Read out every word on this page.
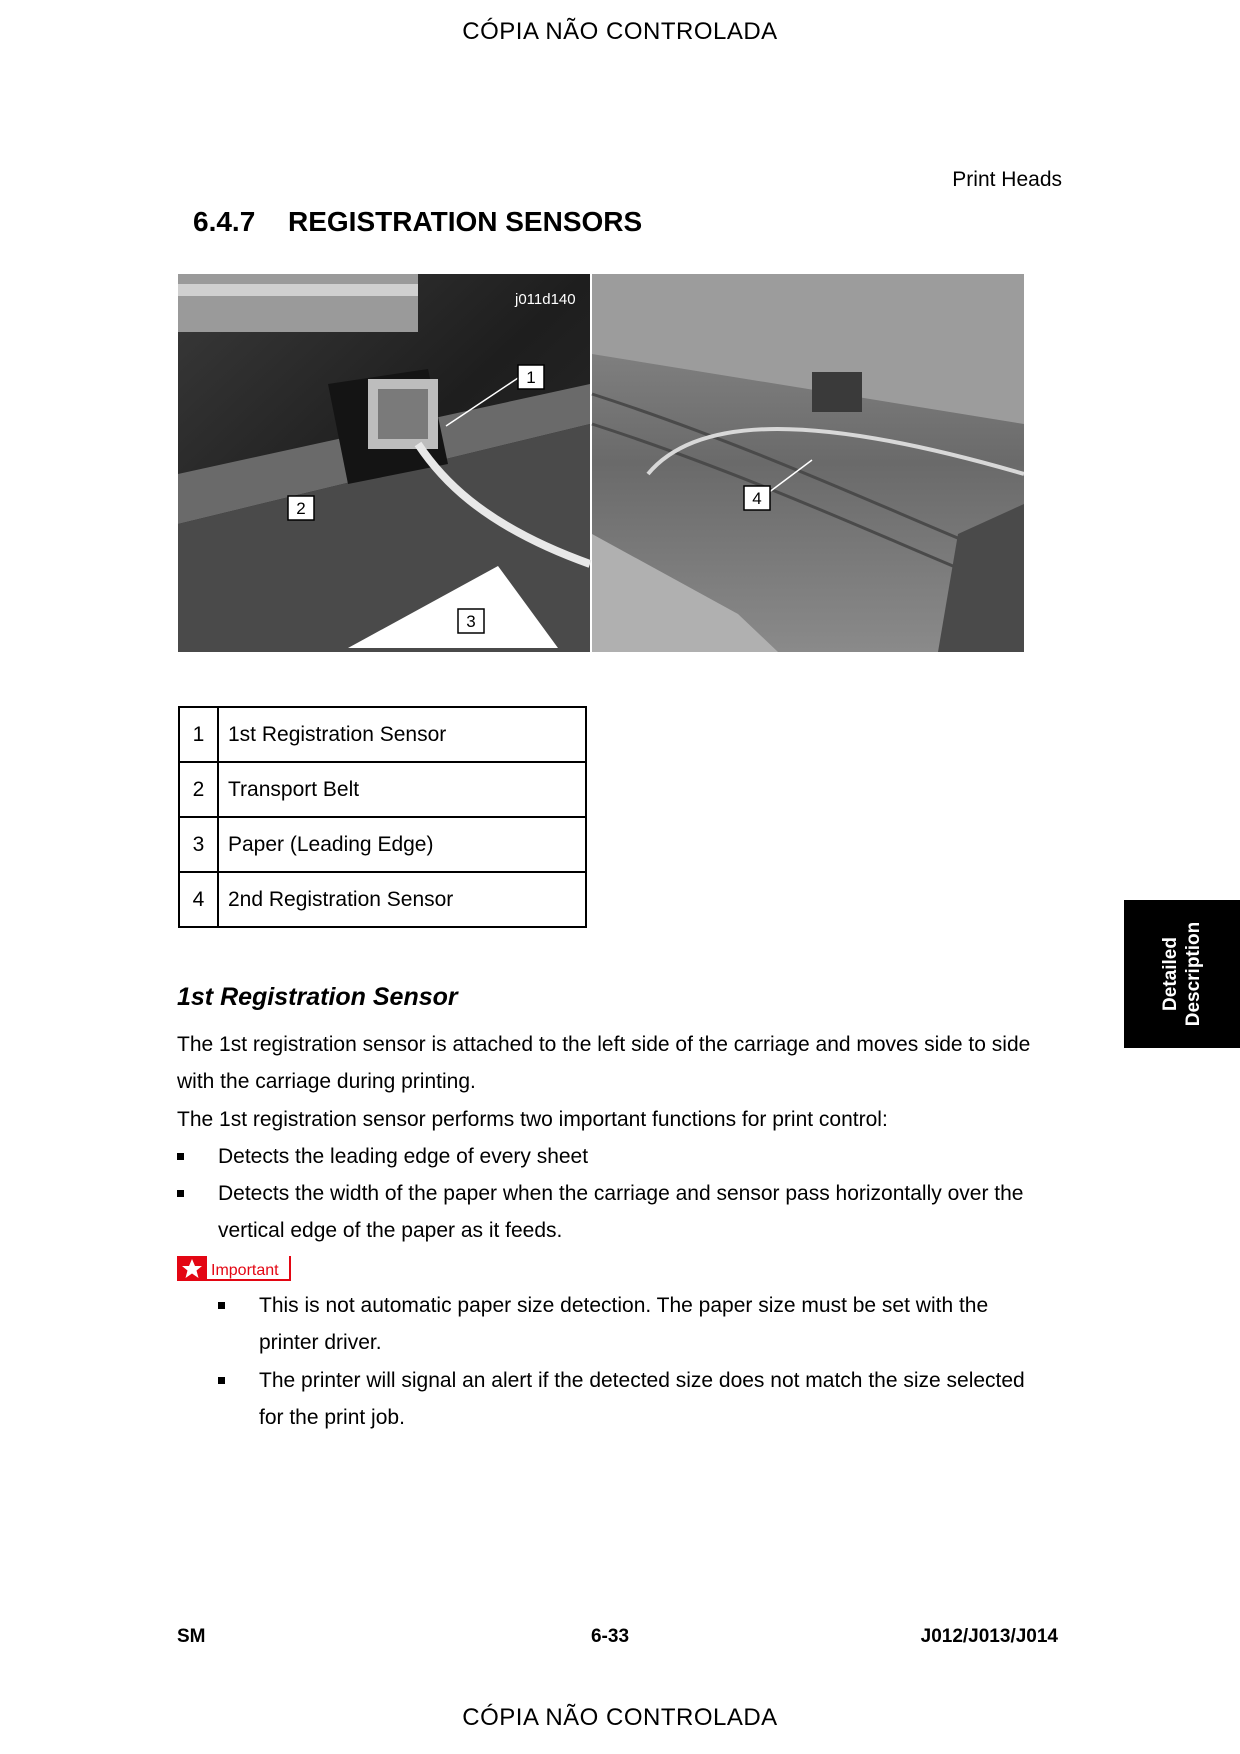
CÓPIA NÃO CONTROLADA
Print Heads
6.4.7 REGISTRATION SENSORS
j011d140
1
2
3
4
1	1st Registration Sensor
2	Transport Belt
3	Paper (Leading Edge)
4	2nd Registration Sensor
1st Registration Sensor
The 1st registration sensor is attached to the left side of the carriage and moves side to side
with the carriage during printing.
The 1st registration sensor performs two important functions for print control:
Detects the leading edge of every sheet
Detects the width of the paper when the carriage and sensor pass horizontally over the
vertical edge of the paper as it feeds.
Important
This is not automatic paper size detection. The paper size must be set with the
printer driver.
The printer will signal an alert if the detected size does not match the size selected
for the print job.
Detailed Description
SM	6-33	J012/J013/J014
CÓPIA NÃO CONTROLADA
